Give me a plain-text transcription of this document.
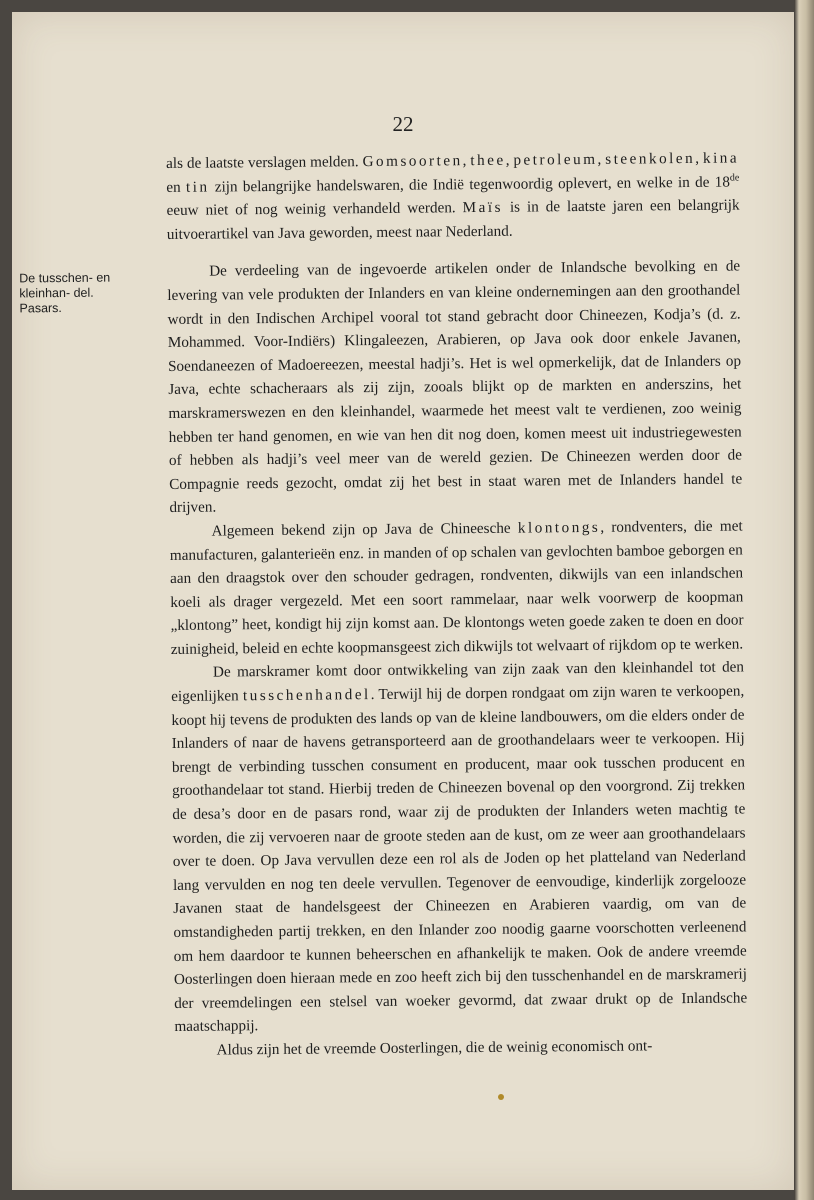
22

als de laatste verslagen melden. Gomsoorten, thee, petroleum, steenkolen, kina en tin zijn belangrijke handelswaren, die Indië tegenwoordig oplevert, en welke in de 18de eeuw niet of nog weinig verhandeld werden. Maïs is in de laatste jaren een belangrijk uitvoerartikel van Java geworden, meest naar Nederland.

De tusschen- en kleinhan- del. Pasars.

De verdeeling van de ingevoerde artikelen onder de Inlandsche bevolking en de levering van vele produkten der Inlanders en van kleine ondernemingen aan den groothandel wordt in den Indischen Archipel vooral tot stand gebracht door Chineezen, Kodja’s (d. z. Mohammed. Voor-Indiërs) Klingaleezen, Arabieren, op Java ook door enkele Javanen, Soendaneezen of Madoereezen, meestal hadji’s. Het is wel opmerkelijk, dat de Inlanders op Java, echte schacheraars als zij zijn, zooals blijkt op de markten en anderszins, het marskramerswezen en den kleinhandel, waarmede het meest valt te verdienen, zoo weinig hebben ter hand genomen, en wie van hen dit nog doen, komen meest uit industriegewesten of hebben als hadji’s veel meer van de wereld gezien. De Chineezen werden door de Compagnie reeds gezocht, omdat zij het best in staat waren met de Inlanders handel te drijven.

Algemeen bekend zijn op Java de Chineesche klontongs, rondventers, die met manufacturen, galanterieën enz. in manden of op schalen van gevlochten bamboe geborgen en aan den draagstok over den schouder gedragen, rondventen, dikwijls van een inlandschen koeli als drager vergezeld. Met een soort rammelaar, naar welk voorwerp de koopman „klontong” heet, kondigt hij zijn komst aan. De klontongs weten goede zaken te doen en door zuinigheid, beleid en echte koopmansgeest zich dikwijls tot welvaart of rijkdom op te werken.

De marskramer komt door ontwikkeling van zijn zaak van den kleinhandel tot den eigenlijken tusschenhandel. Terwijl hij de dorpen rondgaat om zijn waren te verkoopen, koopt hij tevens de produkten des lands op van de kleine landbouwers, om die elders onder de Inlanders of naar de havens getransporteerd aan de groothandelaars weer te verkoopen. Hij brengt de verbinding tusschen consument en producent, maar ook tusschen producent en groothandelaar tot stand. Hierbij treden de Chineezen bovenal op den voorgrond. Zij trekken de desa’s door en de pasars rond, waar zij de produkten der Inlanders weten machtig te worden, die zij vervoeren naar de groote steden aan de kust, om ze weer aan groothandelaars over te doen. Op Java vervullen deze een rol als de Joden op het platteland van Nederland lang vervulden en nog ten deele vervullen. Tegenover de eenvoudige, kinderlijk zorgelooze Javanen staat de handelsgeest der Chineezen en Arabieren vaardig, om van de omstandigheden partij trekken, en den Inlander zoo noodig gaarne voorschotten verleenend om hem daardoor te kunnen beheerschen en afhankelijk te maken. Ook de andere vreemde Oosterlingen doen hieraan mede en zoo heeft zich bij den tusschenhandel en de marskramerij der vreemdelingen een stelsel van woeker gevormd, dat zwaar drukt op de Inlandsche maatschappij.

Aldus zijn het de vreemde Oosterlingen, die de weinig economisch ont-
